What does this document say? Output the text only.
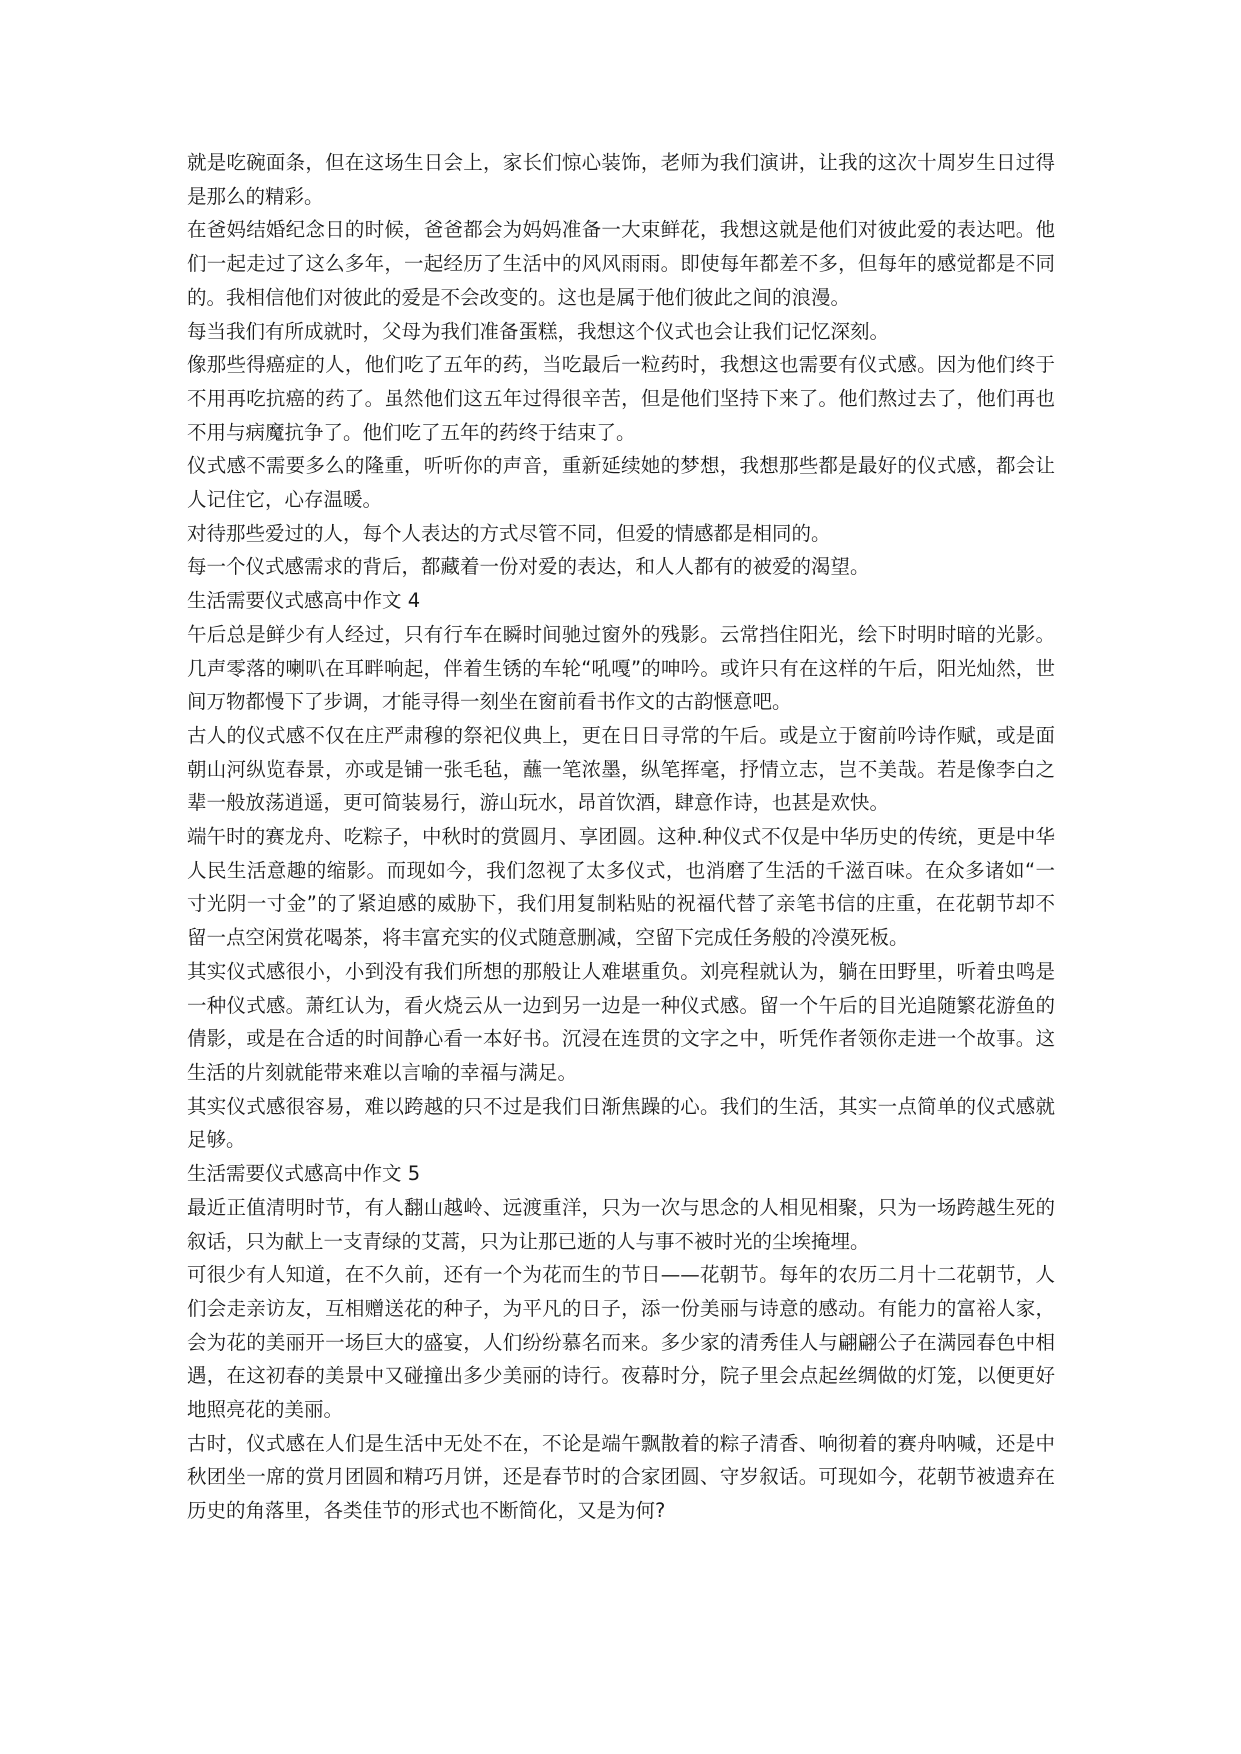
就是吃碗面条，但在这场生日会上，家长们惊心装饰，老师为我们演讲，让我的这次十周岁生日过得是那么的精彩。

在爸妈结婚纪念日的时候，爸爸都会为妈妈准备一大束鲜花，我想这就是他们对彼此爱的表达吧。他们一起走过了这么多年，一起经历了生活中的风风雨雨。即使每年都差不多，但每年的感觉都是不同的。我相信他们对彼此的爱是不会改变的。这也是属于他们彼此之间的浪漫。

每当我们有所成就时，父母为我们准备蛋糕，我想这个仪式也会让我们记忆深刻。

像那些得癌症的人，他们吃了五年的药，当吃最后一粒药时，我想这也需要有仪式感。因为他们终于不用再吃抗癌的药了。虽然他们这五年过得很辛苦，但是他们坚持下来了。他们熬过去了，他们再也不用与病魔抗争了。他们吃了五年的药终于结束了。

仪式感不需要多么的隆重，听听你的声音，重新延续她的梦想，我想那些都是最好的仪式感，都会让人记住它，心存温暖。

对待那些爱过的人，每个人表达的方式尽管不同，但爱的情感都是相同的。

每一个仪式感需求的背后，都藏着一份对爱的表达，和人人都有的被爱的渴望。

生活需要仪式感高中作文 4

午后总是鲜少有人经过，只有行车在瞬时间驰过窗外的残影。云常挡住阳光，绘下时明时暗的光影。几声零落的喇叭在耳畔响起，伴着生锈的车轮“吼嘎”的呻吟。或许只有在这样的午后，阳光灿然，世间万物都慢下了步调，才能寻得一刻坐在窗前看书作文的古韵惬意吧。

古人的仪式感不仅在庄严肃穆的祭祀仪典上，更在日日寻常的午后。或是立于窗前吟诗作赋，或是面朝山河纵览春景，亦或是铺一张毛毡，蘸一笔浓墨，纵笔挥毫，抒情立志，岂不美哉。若是像李白之辈一般放荡逍遥，更可简装易行，游山玩水，昂首饮酒，肆意作诗，也甚是欢快。

端午时的赛龙舟、吃粽子，中秋时的赏圆月、享团圆。这种.种仪式不仅是中华历史的传统，更是中华人民生活意趣的缩影。而现如今，我们忽视了太多仪式，也消磨了生活的千滋百味。在众多诸如“一寸光阴一寸金”的了紧迫感的威胁下，我们用复制粘贴的祝福代替了亲笔书信的庄重，在花朝节却不留一点空闲赏花喝茶，将丰富充实的仪式随意删减，空留下完成任务般的冷漠死板。

其实仪式感很小，小到没有我们所想的那般让人难堪重负。刘亮程就认为，躺在田野里，听着虫鸣是一种仪式感。萧红认为，看火烧云从一边到另一边是一种仪式感。留一个午后的目光追随繁花游鱼的倩影，或是在合适的时间静心看一本好书。沉浸在连贯的文字之中，听凭作者领你走进一个故事。这生活的片刻就能带来难以言喻的幸福与满足。

其实仪式感很容易，难以跨越的只不过是我们日渐焦躁的心。我们的生活，其实一点简单的仪式感就足够。

生活需要仪式感高中作文 5

最近正值清明时节，有人翻山越岭、远渡重洋，只为一次与思念的人相见相聚，只为一场跨越生死的叙话，只为献上一支青绿的艾蒿，只为让那已逝的人与事不被时光的尘埃掩埋。

可很少有人知道，在不久前，还有一个为花而生的节日——花朝节。每年的农历二月十二花朝节，人们会走亲访友，互相赠送花的种子，为平凡的日子，添一份美丽与诗意的感动。有能力的富裕人家，会为花的美丽开一场巨大的盛宴，人们纷纷慕名而来。多少家的清秀佳人与翩翩公子在满园春色中相遇，在这初春的美景中又碰撞出多少美丽的诗行。夜幕时分，院子里会点起丝绸做的灯笼，以便更好地照亮花的美丽。

古时，仪式感在人们是生活中无处不在，不论是端午飘散着的粽子清香、响彻着的赛舟呐喊，还是中秋团坐一席的赏月团圆和精巧月饼，还是春节时的合家团圆、守岁叙话。可现如今，花朝节被遗弃在历史的角落里，各类佳节的形式也不断简化，又是为何?
